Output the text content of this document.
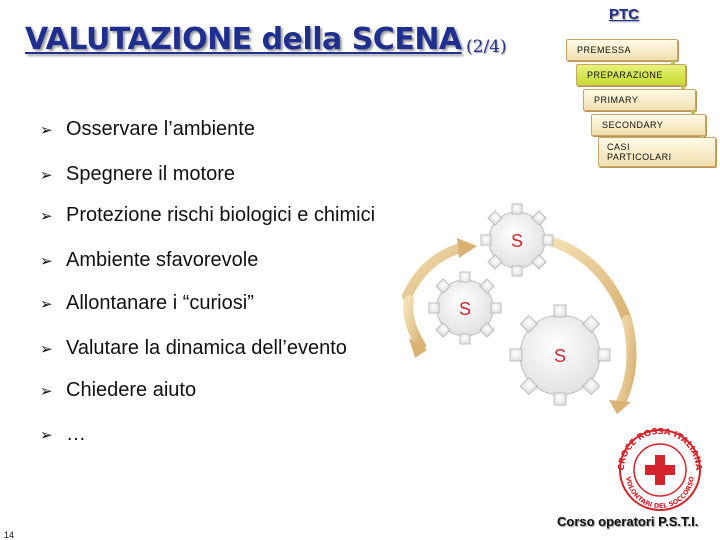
VALUTAZIONE della SCENA (2/4)
PTC
PREMESSA
PREPARAZIONE
PRIMARY
SECONDARY
CASI PARTICOLARI
➢ Osservare l’ambiente
➢ Spegnere il motore
➢ Protezione rischi biologici e chimici
➢ Ambiente sfavorevole
➢ Allontanare i “curiosi”
➢ Valutare la dinamica dell’evento
➢ Chiedere aiuto
➢ …
S
S
S
CROCE ROSSA ITALIANA
VOLONTARI DEL SOCCORSO
Corso operatori P.S.T.I.
14
